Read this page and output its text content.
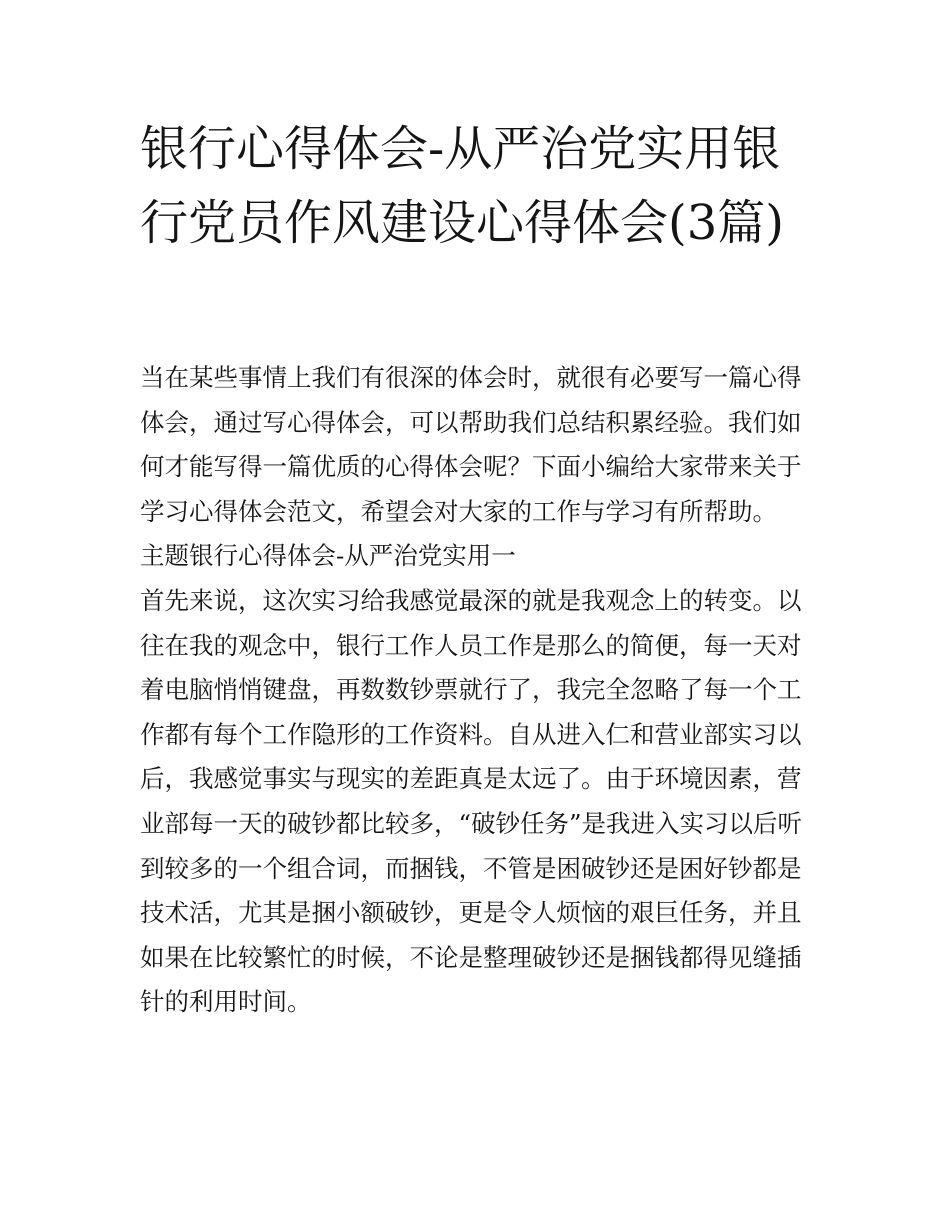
银行心得体会-从严治党实用银行党员作风建设心得体会(3篇)

当在某些事情上我们有很深的体会时，就很有必要写一篇心得体会，通过写心得体会，可以帮助我们总结积累经验。我们如何才能写得一篇优质的心得体会呢？下面小编给大家带来关于学习心得体会范文，希望会对大家的工作与学习有所帮助。

主题银行心得体会-从严治党实用一

首先来说，这次实习给我感觉最深的就是我观念上的转变。以往在我的观念中，银行工作人员工作是那么的简便，每一天对着电脑悄悄键盘，再数数钞票就行了，我完全忽略了每一个工作都有每个工作隐形的工作资料。自从进入仁和营业部实习以后，我感觉事实与现实的差距真是太远了。由于环境因素，营业部每一天的破钞都比较多，“破钞任务”是我进入实习以后听到较多的一个组合词，而捆钱，不管是困破钞还是困好钞都是技术活，尤其是捆小额破钞，更是令人烦恼的艰巨任务，并且如果在比较繁忙的时候，不论是整理破钞还是捆钱都得见缝插针的利用时间。
